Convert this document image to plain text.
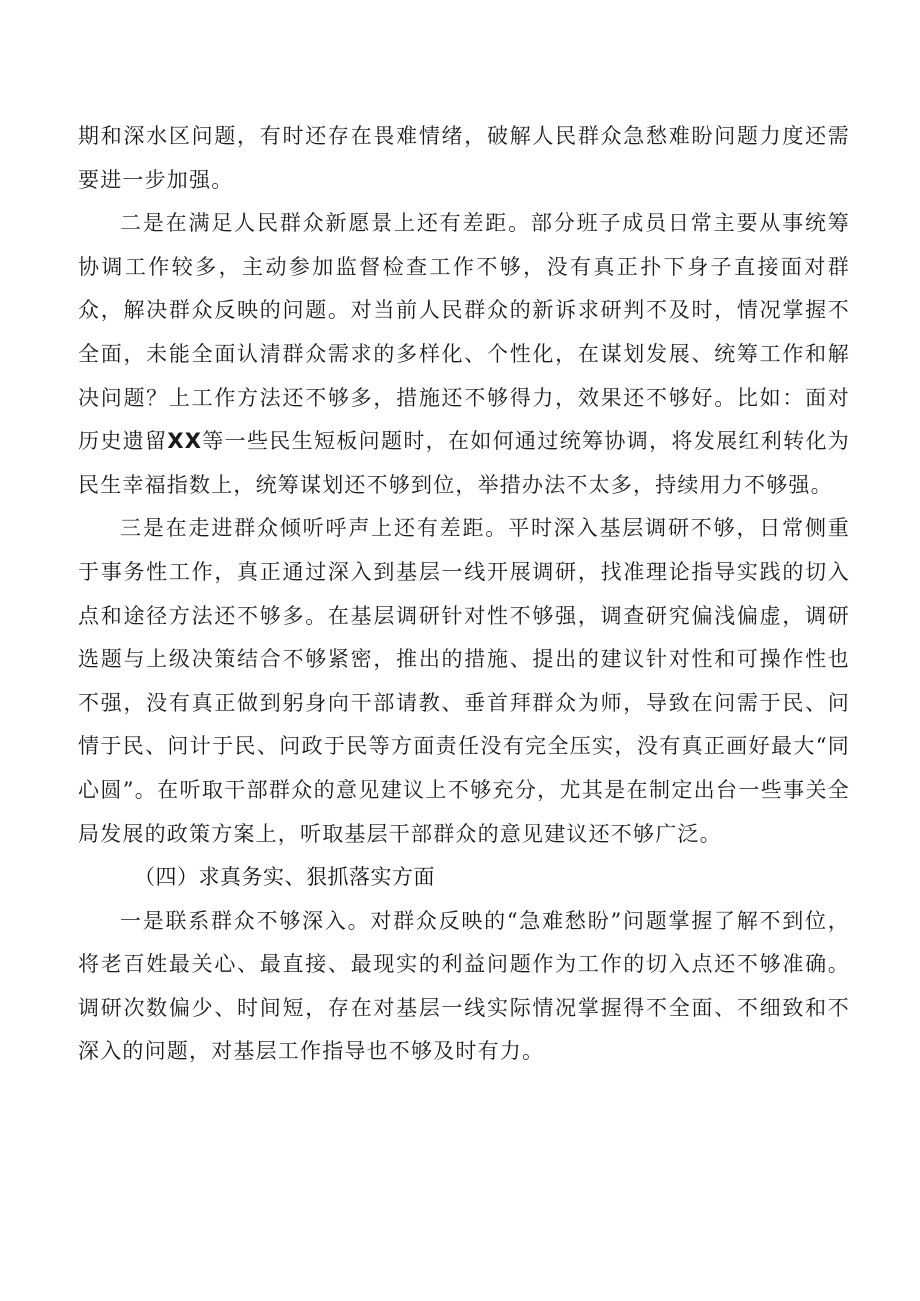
期和深水区问题，有时还存在畏难情绪，破解人民群众急愁难盼问题力度还需要进一步加强。

二是在满足人民群众新愿景上还有差距。部分班子成员日常主要从事统筹协调工作较多，主动参加监督检查工作不够，没有真正扑下身子直接面对群众，解决群众反映的问题。对当前人民群众的新诉求研判不及时，情况掌握不全面，未能全面认清群众需求的多样化、个性化，在谋划发展、统筹工作和解决问题？上工作方法还不够多，措施还不够得力，效果还不够好。比如：面对历史遗留XX等一些民生短板问题时，在如何通过统筹协调，将发展红利转化为民生幸福指数上，统筹谋划还不够到位，举措办法不太多，持续用力不够强。

三是在走进群众倾听呼声上还有差距。平时深入基层调研不够，日常侧重于事务性工作，真正通过深入到基层一线开展调研，找准理论指导实践的切入点和途径方法还不够多。在基层调研针对性不够强，调查研究偏浅偏虚，调研选题与上级决策结合不够紧密，推出的措施、提出的建议针对性和可操作性也不强，没有真正做到躬身向干部请教、垂首拜群众为师，导致在问需于民、问情于民、问计于民、问政于民等方面责任没有完全压实，没有真正画好最大“同心圆”。在听取干部群众的意见建议上不够充分，尤其是在制定出台一些事关全局发展的政策方案上，听取基层干部群众的意见建议还不够广泛。

（四）求真务实、狠抓落实方面

一是联系群众不够深入。对群众反映的“急难愁盼”问题掌握了解不到位，将老百姓最关心、最直接、最现实的利益问题作为工作的切入点还不够准确。调研次数偏少、时间短，存在对基层一线实际情况掌握得不全面、不细致和不深入的问题，对基层工作指导也不够及时有力。
